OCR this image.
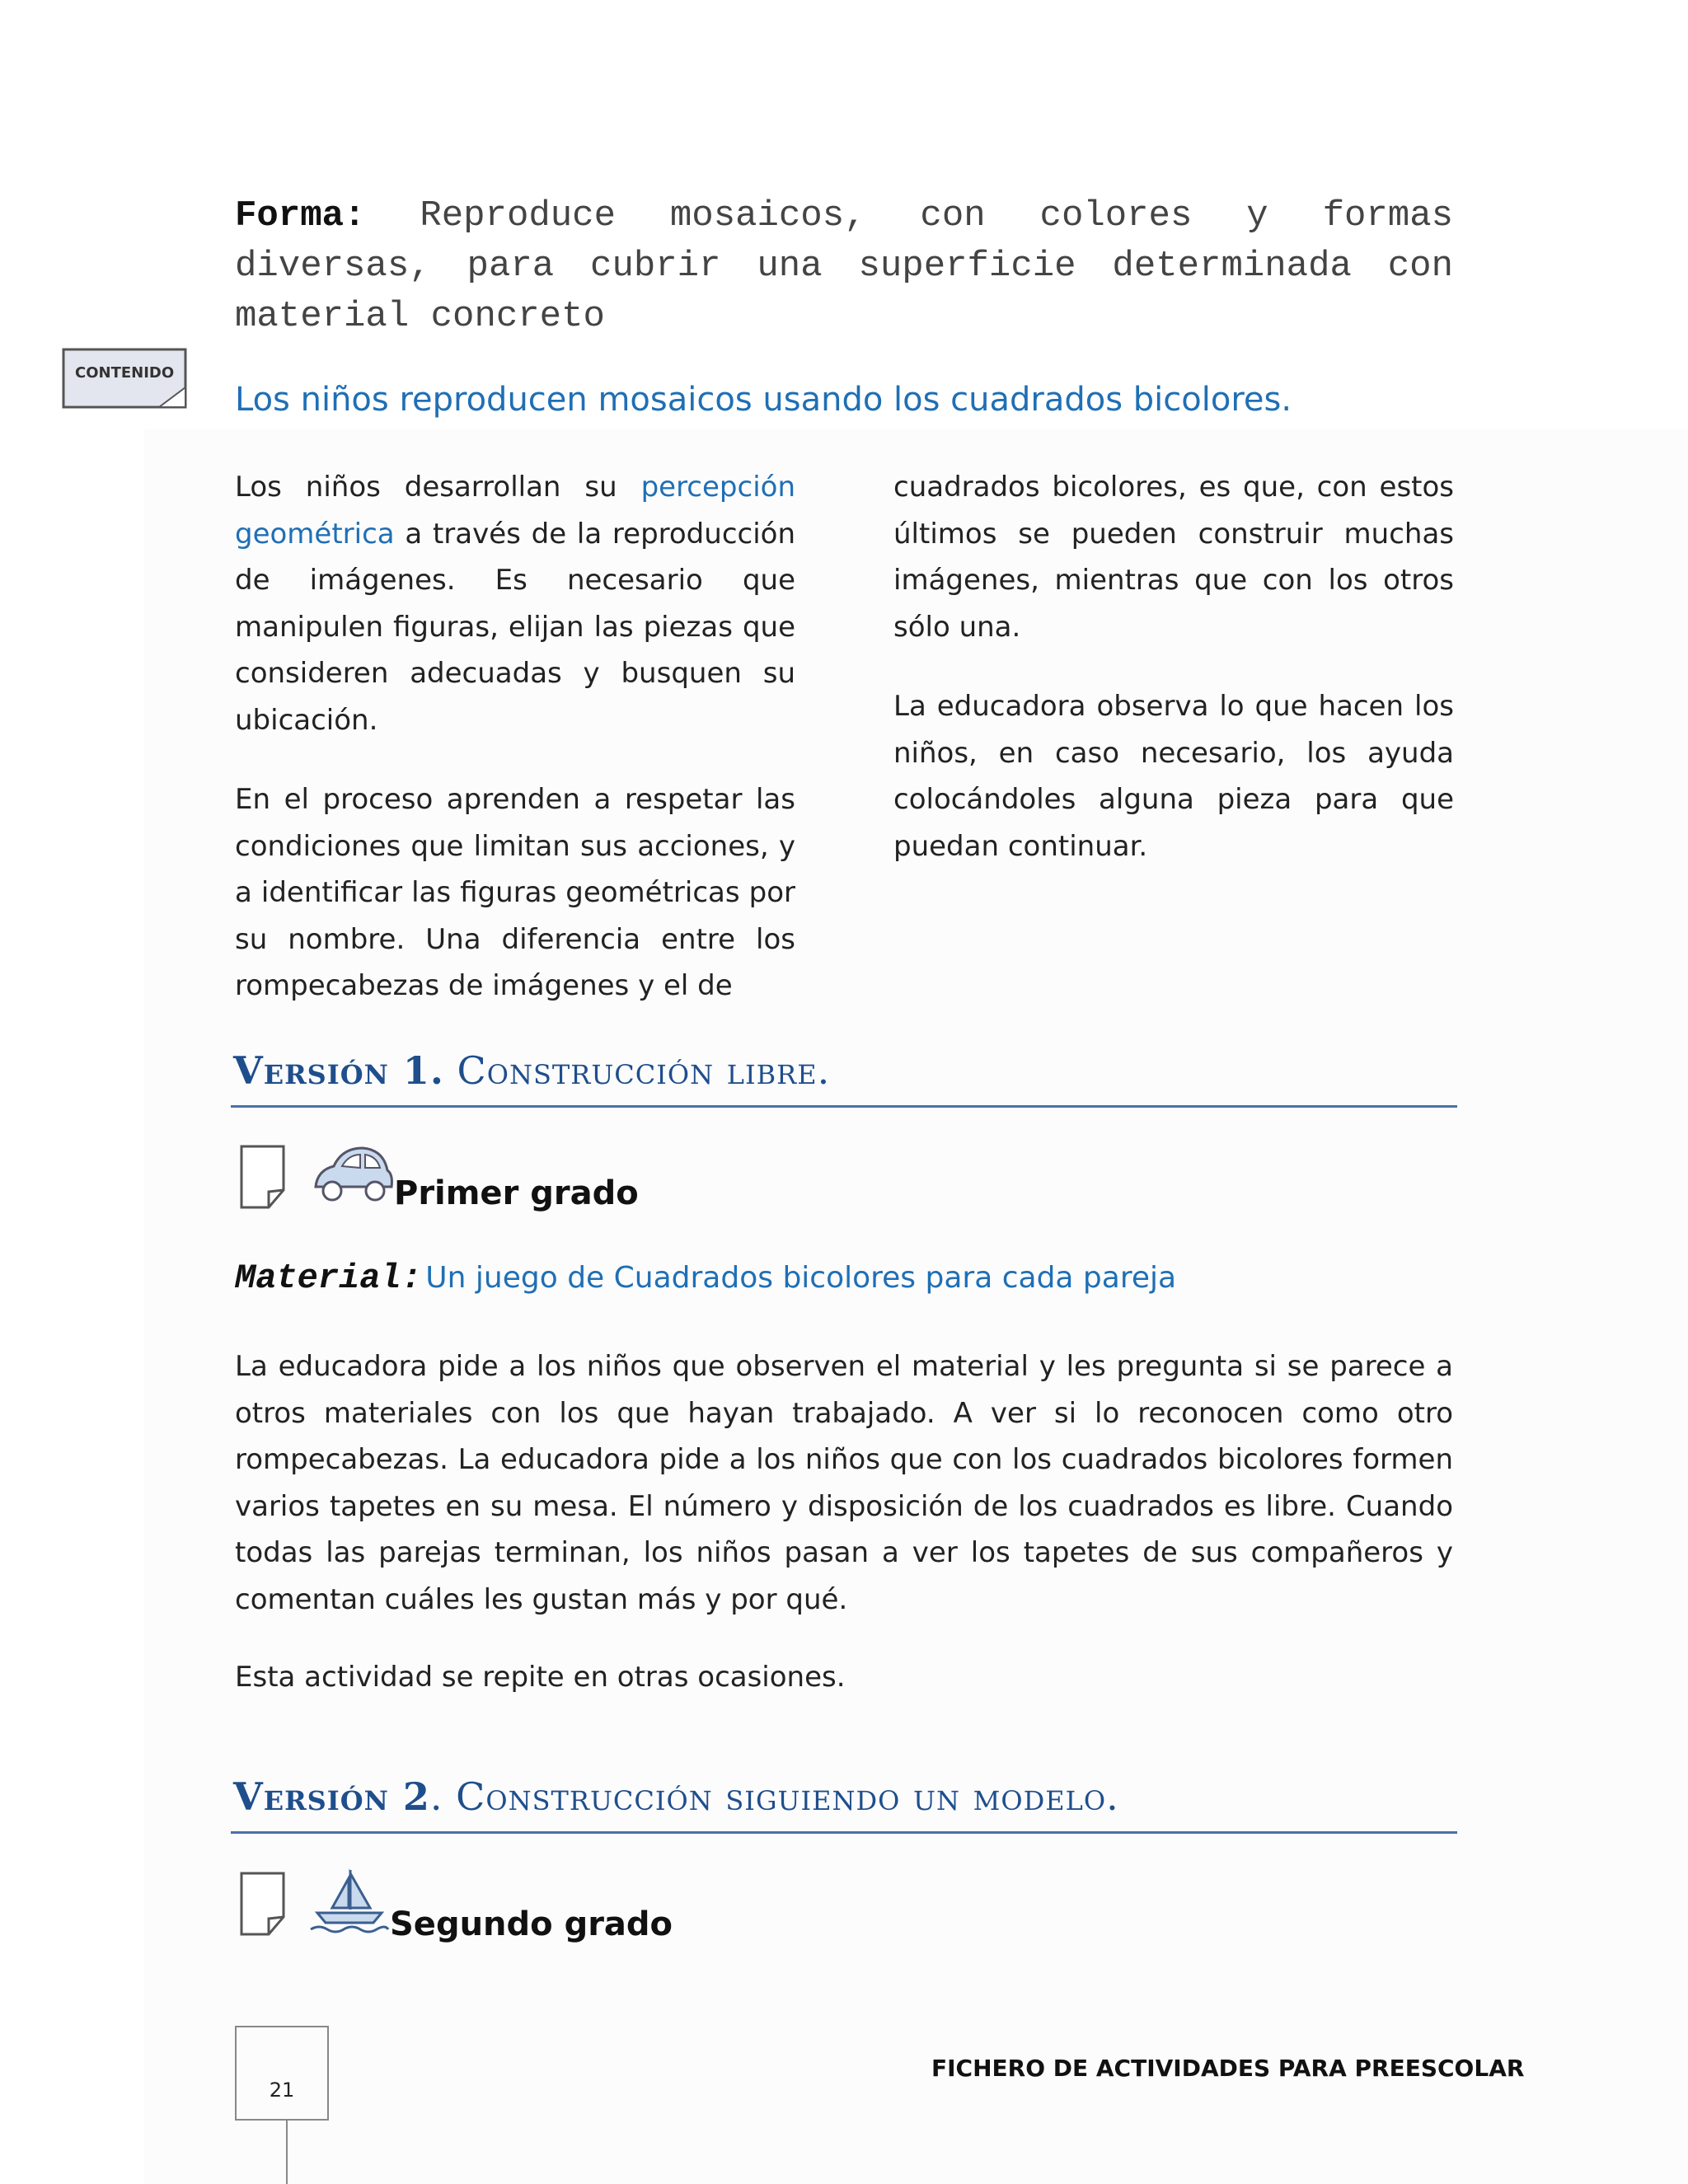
Forma: Reproduce mosaicos, con colores y formas diversas, para cubrir una superficie determinada con material concreto
CONTENIDO
Los niños reproducen mosaicos usando los cuadrados bicolores.

Los niños desarrollan su percepción geométrica a través de la reproducción de imágenes. Es necesario que manipulen figuras, elijan las piezas que consideren adecuadas y busquen su ubicación.

En el proceso aprenden a respetar las condiciones que limitan sus acciones, y a identificar las figuras geométricas por su nombre. Una diferencia entre los rompecabezas de imágenes y el de

cuadrados bicolores, es que, con estos últimos se pueden construir muchas imágenes, mientras que con los otros sólo una.

La educadora observa lo que hacen los niños, en caso necesario, los ayuda colocándoles alguna pieza para que puedan continuar.

Versión 1. Construcción libre.
Primer grado
Material: Un juego de Cuadrados bicolores para cada pareja
La educadora pide a los niños que observen el material y les pregunta si se parece a otros materiales con los que hayan trabajado. A ver si lo reconocen como otro rompecabezas. La educadora pide a los niños que con los cuadrados bicolores formen varios tapetes en su mesa. El número y disposición de los cuadrados es libre. Cuando todas las parejas terminan, los niños pasan a ver los tapetes de sus compañeros y comentan cuáles les gustan más y por qué.
Esta actividad se repite en otras ocasiones.
Versión 2. Construcción siguiendo un modelo.
Segundo grado
21
FICHERO DE ACTIVIDADES PARA PREESCOLAR
